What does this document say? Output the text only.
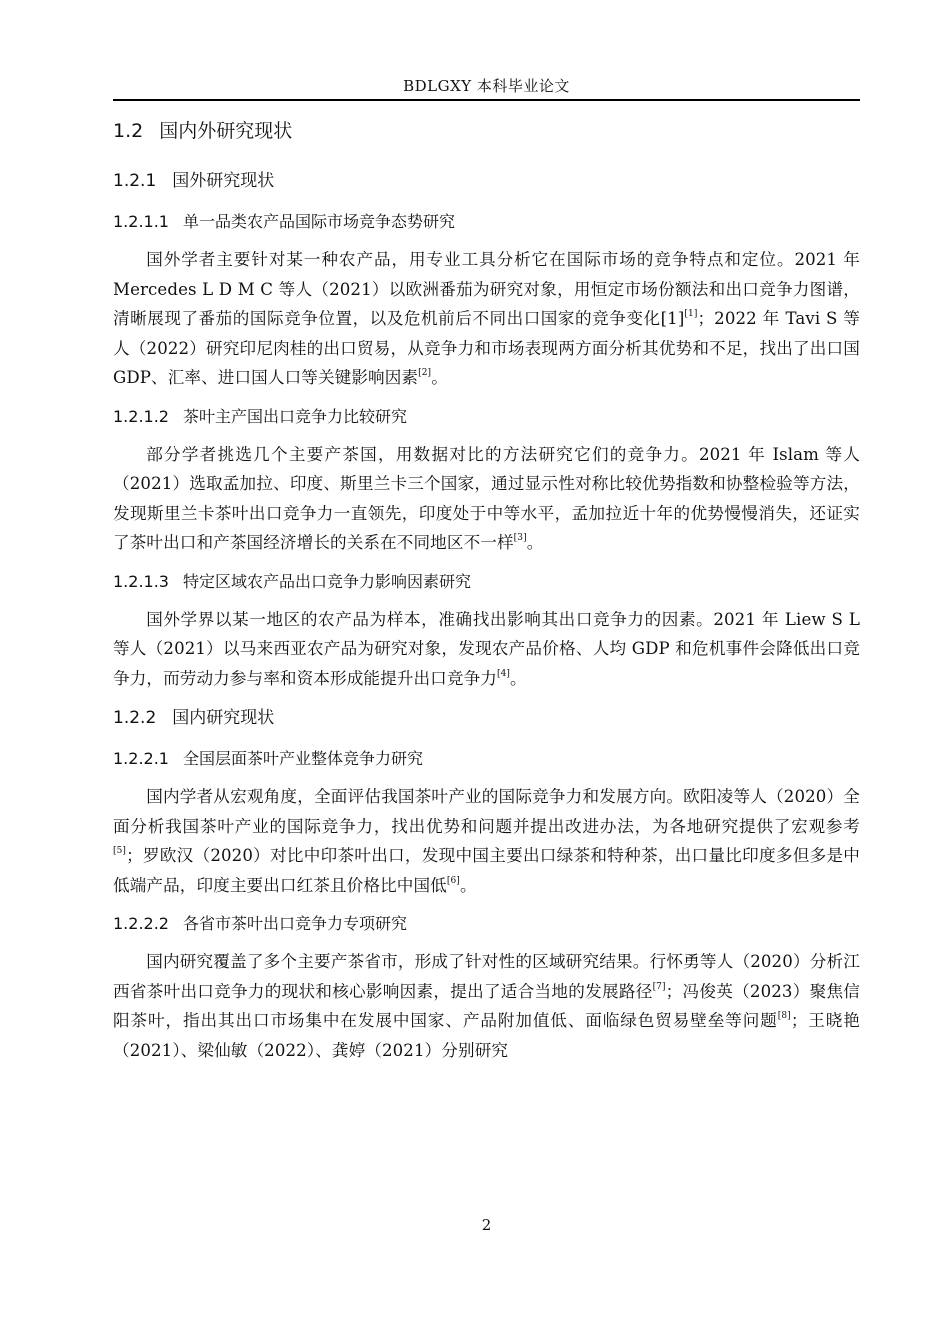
BDLGXY 本科毕业论文
1.2 国内外研究现状
1.2.1 国外研究现状
1.2.1.1 单一品类农产品国际市场竞争态势研究

国外学者主要针对某一种农产品，用专业工具分析它在国际市场的竞争特点和定位。2021 年 Mercedes L D M C 等人（2021）以欧洲番茄为研究对象，用恒定市场份额法和出口竞争力图谱，清晰展现了番茄的国际竞争位置，以及危机前后不同出口国家的竞争变化[1][1]；2022 年 Tavi S 等人（2022）研究印尼肉桂的出口贸易，从竞争力和市场表现两方面分析其优势和不足，找出了出口国 GDP、汇率、进口国人口等关键影响因素[2]。

1.2.1.2 茶叶主产国出口竞争力比较研究

部分学者挑选几个主要产茶国，用数据对比的方法研究它们的竞争力。2021 年 Islam 等人（2021）选取孟加拉、印度、斯里兰卡三个国家，通过显示性对称比较优势指数和协整检验等方法，发现斯里兰卡茶叶出口竞争力一直领先，印度处于中等水平，孟加拉近十年的优势慢慢消失，还证实了茶叶出口和产茶国经济增长的关系在不同地区不一样[3]。

1.2.1.3 特定区域农产品出口竞争力影响因素研究

国外学界以某一地区的农产品为样本，准确找出影响其出口竞争力的因素。2021 年 Liew S L 等人（2021）以马来西亚农产品为研究对象，发现农产品价格、人均 GDP 和危机事件会降低出口竞争力，而劳动力参与率和资本形成能提升出口竞争力[4]。

1.2.2 国内研究现状
1.2.2.1 全国层面茶叶产业整体竞争力研究

国内学者从宏观角度，全面评估我国茶叶产业的国际竞争力和发展方向。欧阳凌等人（2020）全面分析我国茶叶产业的国际竞争力，找出优势和问题并提出改进办法，为各地研究提供了宏观参考[5]；罗欧汉（2020）对比中印茶叶出口，发现中国主要出口绿茶和特种茶，出口量比印度多但多是中低端产品，印度主要出口红茶且价格比中国低[6]。

1.2.2.2 各省市茶叶出口竞争力专项研究

国内研究覆盖了多个主要产茶省市，形成了针对性的区域研究结果。行怀勇等人（2020）分析江西省茶叶出口竞争力的现状和核心影响因素，提出了适合当地的发展路径[7]；冯俊英（2023）聚焦信阳茶叶，指出其出口市场集中在发展中国家、产品附加值低、面临绿色贸易壁垒等问题[8]；王晓艳（2021）、梁仙敏（2022）、龚婷（2021）分别研究

2
